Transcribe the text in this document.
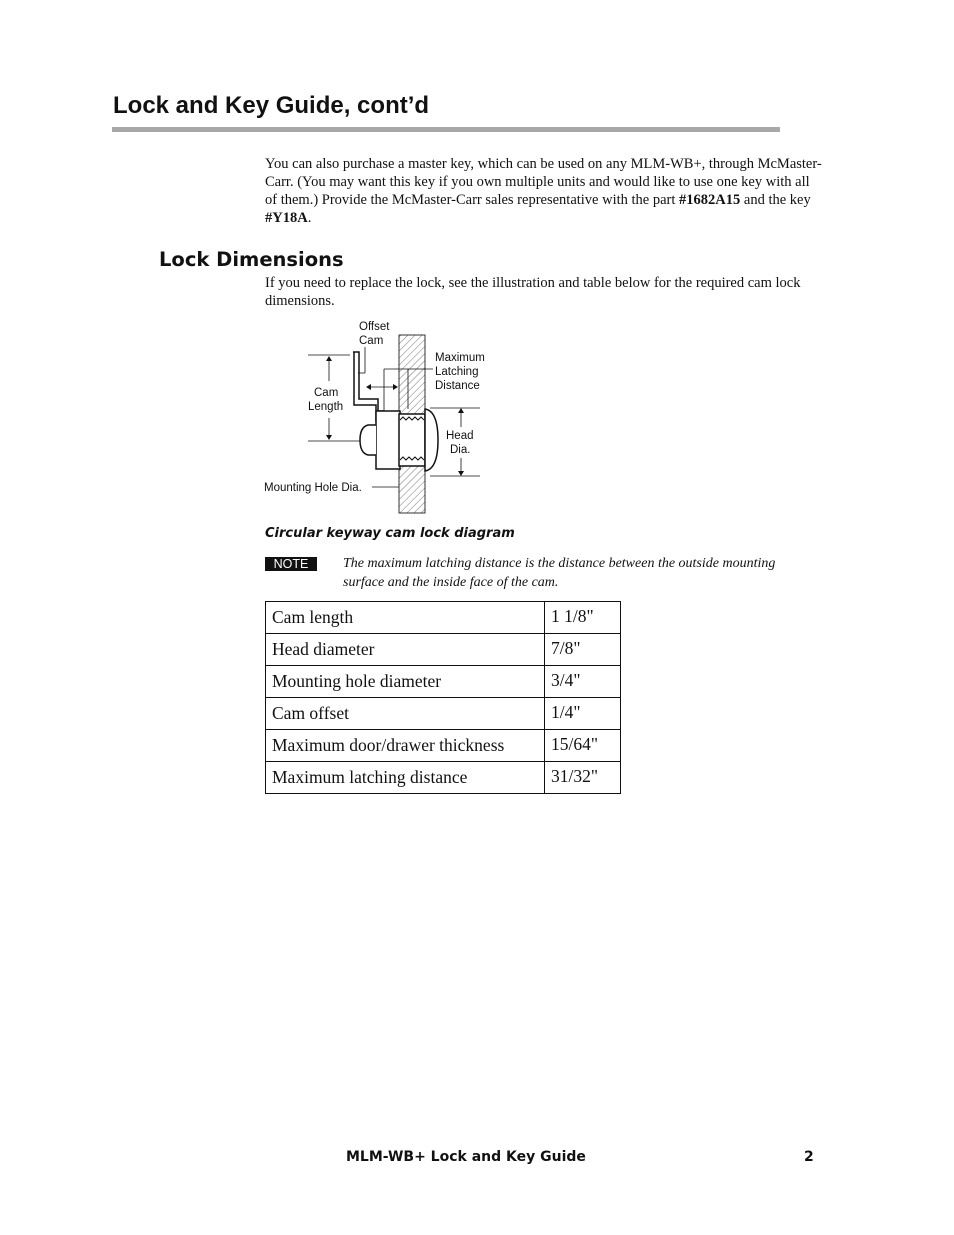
Lock and Key Guide, cont’d

You can also purchase a master key, which can be used on any MLM-WB+, through McMaster-Carr. (You may want this key if you own multiple units and would like to use one key with all of them.) Provide the McMaster-Carr sales representative with the part #1682A15 and the key #Y18A.

Lock Dimensions

If you need to replace the lock, see the illustration and table below for the required cam lock dimensions.

Offset
Cam
Maximum
Latching
Distance
Cam
Length
Head
Dia.
Mounting Hole Dia.

Circular keyway cam lock diagram

NOTE	The maximum latching distance is the distance between the outside mounting surface and the inside face of the cam.

Cam length	1 1/8"
Head diameter	7/8"
Mounting hole diameter	3/4"
Cam offset	1/4"
Maximum door/drawer thickness	15/64"
Maximum latching distance	31/32"

MLM-WB+ Lock and Key Guide	2
